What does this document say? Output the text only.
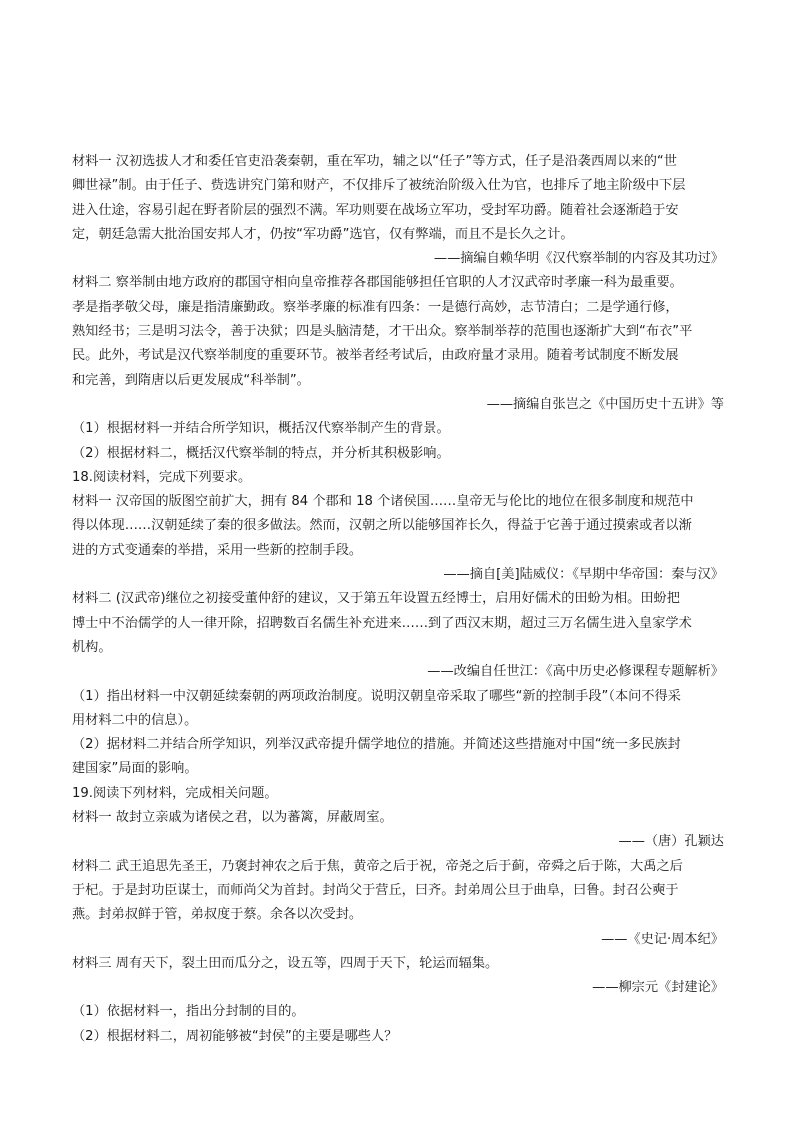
材料一 汉初选拔人才和委任官吏沿袭秦朝，重在军功，辅之以“任子”等方式，任子是沿袭西周以来的“世
卿世禄”制。由于任子、赀选讲究门第和财产，不仅排斥了被统治阶级入仕为官，也排斥了地主阶级中下层
进入仕途，容易引起在野者阶层的强烈不满。军功则要在战场立军功，受封军功爵。随着社会逐渐趋于安
定，朝廷急需大批治国安邦人才，仍按“军功爵”选官，仅有弊端，而且不是长久之计。
——摘编自赖华明《汉代察举制的内容及其功过》
材料二 察举制由地方政府的郡国守相向皇帝推荐各郡国能够担任官职的人才汉武帝时孝廉一科为最重要。
孝是指孝敬父母，廉是指清廉勤政。察举孝廉的标准有四条：一是德行高妙，志节清白；二是学通行修，
熟知经书；三是明习法令，善于决狱；四是头脑清楚，才干出众。察举制举荐的范围也逐渐扩大到“布衣”平
民。此外，考试是汉代察举制度的重要环节。被举者经考试后，由政府量才录用。随着考试制度不断发展
和完善，到隋唐以后更发展成“科举制”。
——摘编自张岂之《中国历史十五讲》等
（1）根据材料一并结合所学知识，概括汉代察举制产生的背景。
（2）根据材料二，概括汉代察举制的特点，并分析其积极影响。
18.阅读材料，完成下列要求。
材料一 汉帝国的版图空前扩大，拥有 84 个郡和 18 个诸侯国……皇帝无与伦比的地位在很多制度和规范中
得以体现……汉朝延续了秦的很多做法。然而，汉朝之所以能够国祚长久，得益于它善于通过摸索或者以渐
进的方式变通秦的举措，采用一些新的控制手段。
——摘自[美]陆威仪：《早期中华帝国：秦与汉》
材料二 (汉武帝)继位之初接受董仲舒的建议，又于第五年设置五经博士，启用好儒术的田蚡为相。田蚡把
博士中不治儒学的人一律开除，招聘数百名儒生补充进来……到了西汉末期，超过三万名儒生进入皇家学术
机构。
——改编自任世江：《高中历史必修课程专题解析》
（1）指出材料一中汉朝延续秦朝的两项政治制度。说明汉朝皇帝采取了哪些“新的控制手段”（本问不得采
用材料二中的信息）。
（2）据材料二并结合所学知识，列举汉武帝提升儒学地位的措施。并简述这些措施对中国“统一多民族封
建国家”局面的影响。
19.阅读下列材料，完成相关问题。
材料一 故封立亲戚为诸侯之君，以为蕃篱，屏蔽周室。
——（唐）孔颖达
材料二 武王追思先圣王，乃褒封神农之后于焦，黄帝之后于祝，帝尧之后于蓟，帝舜之后于陈，大禹之后
于杞。于是封功臣谋士，而师尚父为首封。封尚父于营丘，曰齐。封弟周公旦于曲阜，曰鲁。封召公奭于
燕。封弟叔鲜于管，弟叔度于蔡。余各以次受封。
——《史记·周本纪》
材料三 周有天下，裂土田而瓜分之，设五等，四周于天下，轮运而辐集。
——柳宗元《封建论》
（1）依据材料一，指出分封制的目的。
（2）根据材料二，周初能够被“封侯”的主要是哪些人？
